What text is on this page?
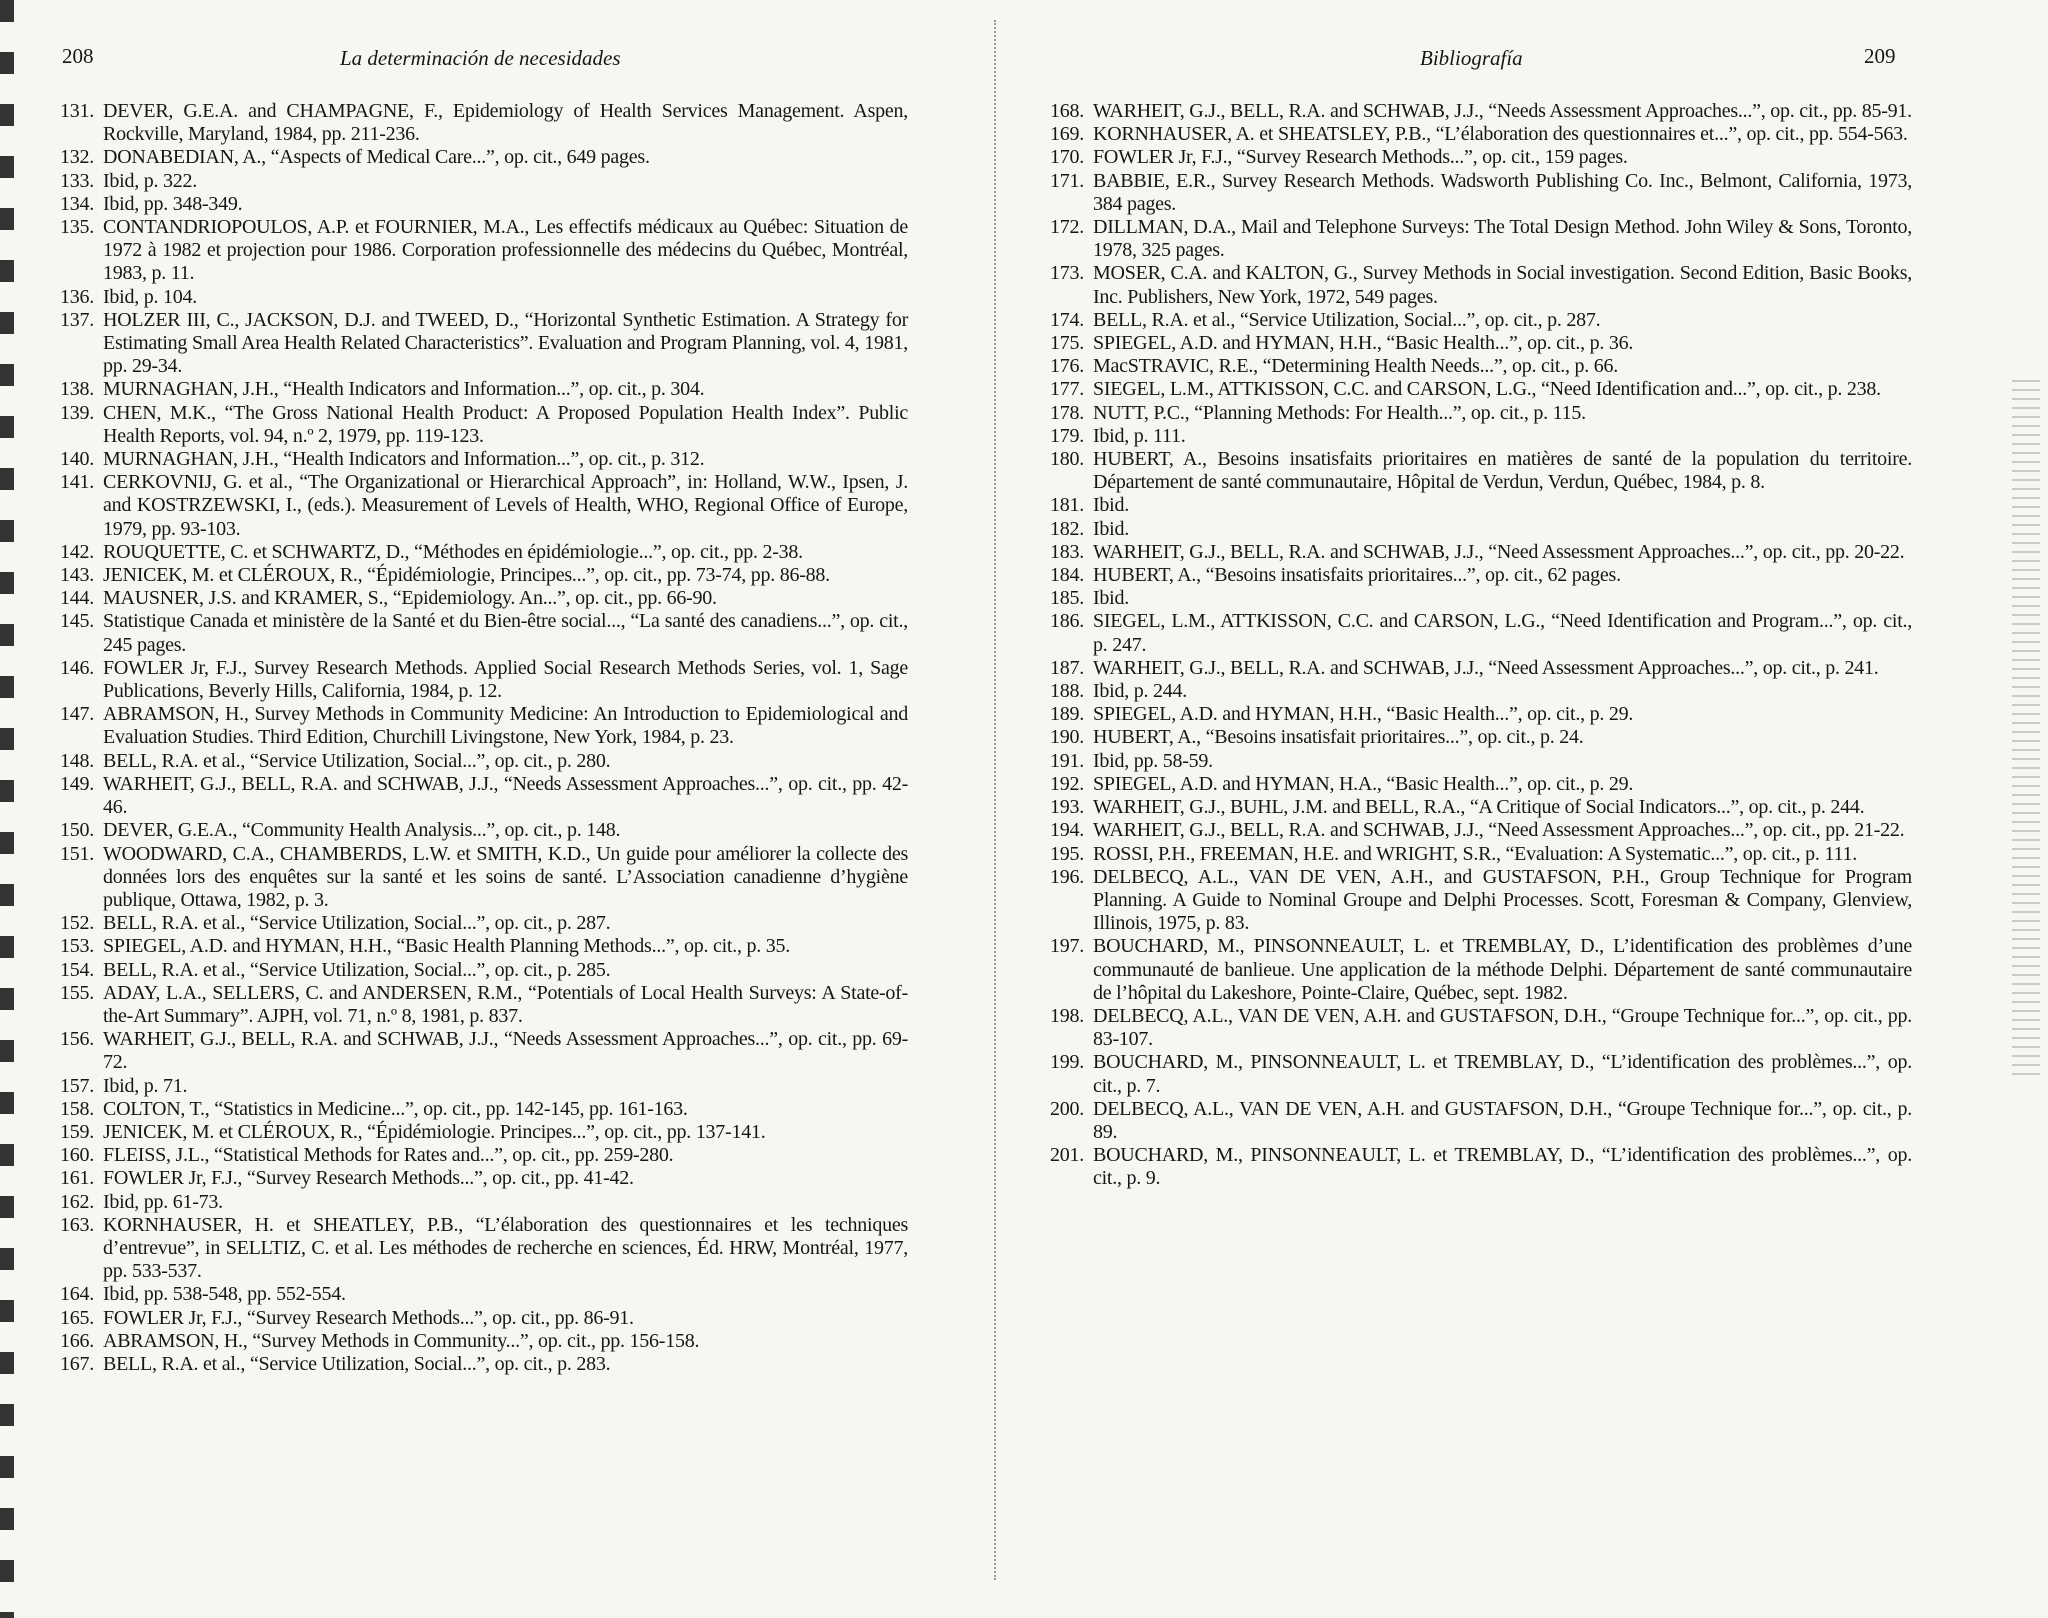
208	La determinación de necesidades
131. DEVER, G.E.A. and CHAMPAGNE, F., Epidemiology of Health Services Management. Aspen, Rockville, Maryland, 1984, pp. 211-236.
132. DONABEDIAN, A., “Aspects of Medical Care...”, op. cit., 649 pages.
133. Ibid, p. 322.
134. Ibid, pp. 348-349.
135. CONTANDRIOPOULOS, A.P. et FOURNIER, M.A., Les effectifs médicaux au Québec: Situation de 1972 à 1982 et projection pour 1986. Corporation professionnelle des médecins du Québec, Montréal, 1983, p. 11.
136. Ibid, p. 104.
137. HOLZER III, C., JACKSON, D.J. and TWEED, D., “Horizontal Synthetic Estimation. A Strategy for Estimating Small Area Health Related Characteristics”. Evaluation and Program Planning, vol. 4, 1981, pp. 29-34.
138. MURNAGHAN, J.H., “Health Indicators and Information...”, op. cit., p. 304.
139. CHEN, M.K., “The Gross National Health Product: A Proposed Population Health Index”. Public Health Reports, vol. 94, n.º 2, 1979, pp. 119-123.
140. MURNAGHAN, J.H., “Health Indicators and Information...”, op. cit., p. 312.
141. CERKOVNIJ, G. et al., “The Organizational or Hierarchical Approach”, in: Holland, W.W., Ipsen, J. and KOSTRZEWSKI, I., (eds.). Measurement of Levels of Health, WHO, Regional Office of Europe, 1979, pp. 93-103.
142. ROUQUETTE, C. et SCHWARTZ, D., “Méthodes en épidémiologie...”, op. cit., pp. 2-38.
143. JENICEK, M. et CLÉROUX, R., “Épidémiologie, Principes...”, op. cit., pp. 73-74, pp. 86-88.
144. MAUSNER, J.S. and KRAMER, S., “Epidemiology. An...”, op. cit., pp. 66-90.
145. Statistique Canada et ministère de la Santé et du Bien-être social..., “La santé des canadiens...”, op. cit., 245 pages.
146. FOWLER Jr, F.J., Survey Research Methods. Applied Social Research Methods Series, vol. 1, Sage Publications, Beverly Hills, California, 1984, p. 12.
147. ABRAMSON, H., Survey Methods in Community Medicine: An Introduction to Epidemiological and Evaluation Studies. Third Edition, Churchill Livingstone, New York, 1984, p. 23.
148. BELL, R.A. et al., “Service Utilization, Social...”, op. cit., p. 280.
149. WARHEIT, G.J., BELL, R.A. and SCHWAB, J.J., “Needs Assessment Approaches...”, op. cit., pp. 42-46.
150. DEVER, G.E.A., “Community Health Analysis...”, op. cit., p. 148.
151. WOODWARD, C.A., CHAMBERDS, L.W. et SMITH, K.D., Un guide pour améliorer la collecte des données lors des enquêtes sur la santé et les soins de santé. L’Association canadienne d’hygiène publique, Ottawa, 1982, p. 3.
152. BELL, R.A. et al., “Service Utilization, Social...”, op. cit., p. 287.
153. SPIEGEL, A.D. and HYMAN, H.H., “Basic Health Planning Methods...”, op. cit., p. 35.
154. BELL, R.A. et al., “Service Utilization, Social...”, op. cit., p. 285.
155. ADAY, L.A., SELLERS, C. and ANDERSEN, R.M., “Potentials of Local Health Surveys: A State-of-the-Art Summary”. AJPH, vol. 71, n.º 8, 1981, p. 837.
156. WARHEIT, G.J., BELL, R.A. and SCHWAB, J.J., “Needs Assessment Approaches...”, op. cit., pp. 69-72.
157. Ibid, p. 71.
158. COLTON, T., “Statistics in Medicine...”, op. cit., pp. 142-145, pp. 161-163.
159. JENICEK, M. et CLÉROUX, R., “Épidémiologie. Principes...”, op. cit., pp. 137-141.
160. FLEISS, J.L., “Statistical Methods for Rates and...”, op. cit., pp. 259-280.
161. FOWLER Jr, F.J., “Survey Research Methods...”, op. cit., pp. 41-42.
162. Ibid, pp. 61-73.
163. KORNHAUSER, H. et SHEATLEY, P.B., “L’élaboration des questionnaires et les techniques d’entrevue”, in SELLTIZ, C. et al. Les méthodes de recherche en sciences, Éd. HRW, Montréal, 1977, pp. 533-537.
164. Ibid, pp. 538-548, pp. 552-554.
165. FOWLER Jr, F.J., “Survey Research Methods...”, op. cit., pp. 86-91.
166. ABRAMSON, H., “Survey Methods in Community...”, op. cit., pp. 156-158.
167. BELL, R.A. et al., “Service Utilization, Social...”, op. cit., p. 283.
Bibliografía	209
168. WARHEIT, G.J., BELL, R.A. and SCHWAB, J.J., “Needs Assessment Approaches...”, op. cit., pp. 85-91.
169. KORNHAUSER, A. et SHEATSLEY, P.B., “L’élaboration des questionnaires et...”, op. cit., pp. 554-563.
170. FOWLER Jr, F.J., “Survey Research Methods...”, op. cit., 159 pages.
171. BABBIE, E.R., Survey Research Methods. Wadsworth Publishing Co. Inc., Belmont, California, 1973, 384 pages.
172. DILLMAN, D.A., Mail and Telephone Surveys: The Total Design Method. John Wiley & Sons, Toronto, 1978, 325 pages.
173. MOSER, C.A. and KALTON, G., Survey Methods in Social investigation. Second Edition, Basic Books, Inc. Publishers, New York, 1972, 549 pages.
174. BELL, R.A. et al., “Service Utilization, Social...”, op. cit., p. 287.
175. SPIEGEL, A.D. and HYMAN, H.H., “Basic Health...”, op. cit., p. 36.
176. MacSTRAVIC, R.E., “Determining Health Needs...”, op. cit., p. 66.
177. SIEGEL, L.M., ATTKISSON, C.C. and CARSON, L.G., “Need Identification and...”, op. cit., p. 238.
178. NUTT, P.C., “Planning Methods: For Health...”, op. cit., p. 115.
179. Ibid, p. 111.
180. HUBERT, A., Besoins insatisfaits prioritaires en matières de santé de la population du territoire. Département de santé communautaire, Hôpital de Verdun, Verdun, Québec, 1984, p. 8.
181. Ibid.
182. Ibid.
183. WARHEIT, G.J., BELL, R.A. and SCHWAB, J.J., “Need Assessment Approaches...”, op. cit., pp. 20-22.
184. HUBERT, A., “Besoins insatisfaits prioritaires...”, op. cit., 62 pages.
185. Ibid.
186. SIEGEL, L.M., ATTKISSON, C.C. and CARSON, L.G., “Need Identification and Program...”, op. cit., p. 247.
187. WARHEIT, G.J., BELL, R.A. and SCHWAB, J.J., “Need Assessment Approaches...”, op. cit., p. 241.
188. Ibid, p. 244.
189. SPIEGEL, A.D. and HYMAN, H.H., “Basic Health...”, op. cit., p. 29.
190. HUBERT, A., “Besoins insatisfait prioritaires...”, op. cit., p. 24.
191. Ibid, pp. 58-59.
192. SPIEGEL, A.D. and HYMAN, H.A., “Basic Health...”, op. cit., p. 29.
193. WARHEIT, G.J., BUHL, J.M. and BELL, R.A., “A Critique of Social Indicators...”, op. cit., p. 244.
194. WARHEIT, G.J., BELL, R.A. and SCHWAB, J.J., “Need Assessment Approaches...”, op. cit., pp. 21-22.
195. ROSSI, P.H., FREEMAN, H.E. and WRIGHT, S.R., “Evaluation: A Systematic...”, op. cit., p. 111.
196. DELBECQ, A.L., VAN DE VEN, A.H., and GUSTAFSON, P.H., Group Technique for Program Planning. A Guide to Nominal Groupe and Delphi Processes. Scott, Foresman & Company, Glenview, Illinois, 1975, p. 83.
197. BOUCHARD, M., PINSONNEAULT, L. et TREMBLAY, D., L’identification des problèmes d’une communauté de banlieue. Une application de la méthode Delphi. Département de santé communautaire de l’hôpital du Lakeshore, Pointe-Claire, Québec, sept. 1982.
198. DELBECQ, A.L., VAN DE VEN, A.H. and GUSTAFSON, D.H., “Groupe Technique for...”, op. cit., pp. 83-107.
199. BOUCHARD, M., PINSONNEAULT, L. et TREMBLAY, D., “L’identification des problèmes...”, op. cit., p. 7.
200. DELBECQ, A.L., VAN DE VEN, A.H. and GUSTAFSON, D.H., “Groupe Technique for...”, op. cit., p. 89.
201. BOUCHARD, M., PINSONNEAULT, L. et TREMBLAY, D., “L’identification des problèmes...”, op. cit., p. 9.
